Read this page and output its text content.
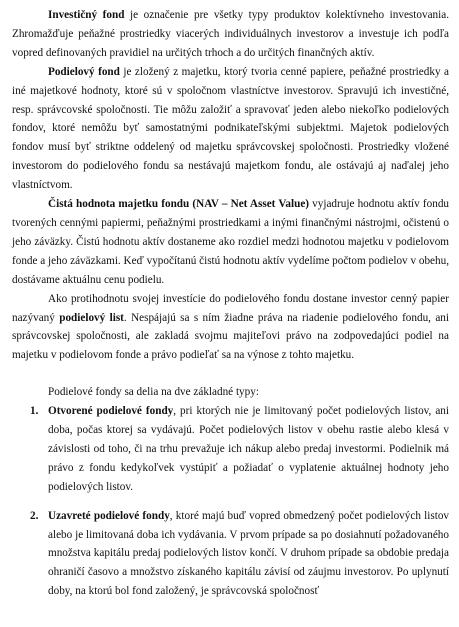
Investičný fond je označenie pre všetky typy produktov kolektívneho investovania. Zhromažďuje peňažné prostriedky viacerých individuálnych investorov a investuje ich podľa vopred definovaných pravidiel na určitých trhoch a do určitých finančných aktív.

Podielový fond je zložený z majetku, ktorý tvoria cenné papiere, peňažné prostriedky a iné majetkové hodnoty, ktoré sú v spoločnom vlastníctve investorov. Spravujú ich investičné, resp. správcovské spoločnosti. Tie môžu založiť a spravovať jeden alebo niekoľko podielových fondov, ktoré nemôžu byť samostatnými podnikateľskými subjektmi. Majetok podielových fondov musí byť striktne oddelený od majetku správcovskej spoločnosti. Prostriedky vložené investorom do podielového fondu sa nestávajú majetkom fondu, ale ostávajú aj naďalej jeho vlastníctvom.

Čistá hodnota majetku fondu (NAV – Net Asset Value) vyjadruje hodnotu aktív fondu tvorených cennými papiermi, peňažnými prostriedkami a inými finančnými nástrojmi, očistenú o jeho záväzky. Čistú hodnotu aktív dostaneme ako rozdiel medzi hodnotou majetku v podielovom fonde a jeho záväzkami. Keď vypočítanú čistú hodnotu aktív vydelíme počtom podielov v obehu, dostávame aktuálnu cenu podielu.

Ako protihodnotu svojej investície do podielového fondu dostane investor cenný papier nazývaný podielový list. Nespájajú sa s ním žiadne práva na riadenie podielového fondu, ani správcovskej spoločnosti, ale zakladá svojmu majiteľovi právo na zodpovedajúci podiel na majetku v podielovom fonde a právo podieľať sa na výnose z tohto majetku.

Podielové fondy sa delia na dve základné typy:

1. Otvorené podielové fondy, pri ktorých nie je limitovaný počet podielových listov, ani doba, počas ktorej sa vydávajú. Počet podielových listov v obehu rastie alebo klesá v závislosti od toho, či na trhu prevažuje ich nákup alebo predaj investormi. Podielnik má právo z fondu kedykoľvek vystúpiť a požiadať o vyplatenie aktuálnej hodnoty jeho podielových listov.
2. Uzavreté podielové fondy, ktoré majú buď vopred obmedzený počet podielových listov alebo je limitovaná doba ich vydávania. V prvom prípade sa po dosiahnutí požadovaného množstva kapitálu predaj podielových listov končí. V druhom prípade sa obdobie predaja ohraničí časovo a množstvo získaného kapitálu závisí od záujmu investorov. Po uplynutí doby, na ktorú bol fond založený, je správcovská spoločnosť
